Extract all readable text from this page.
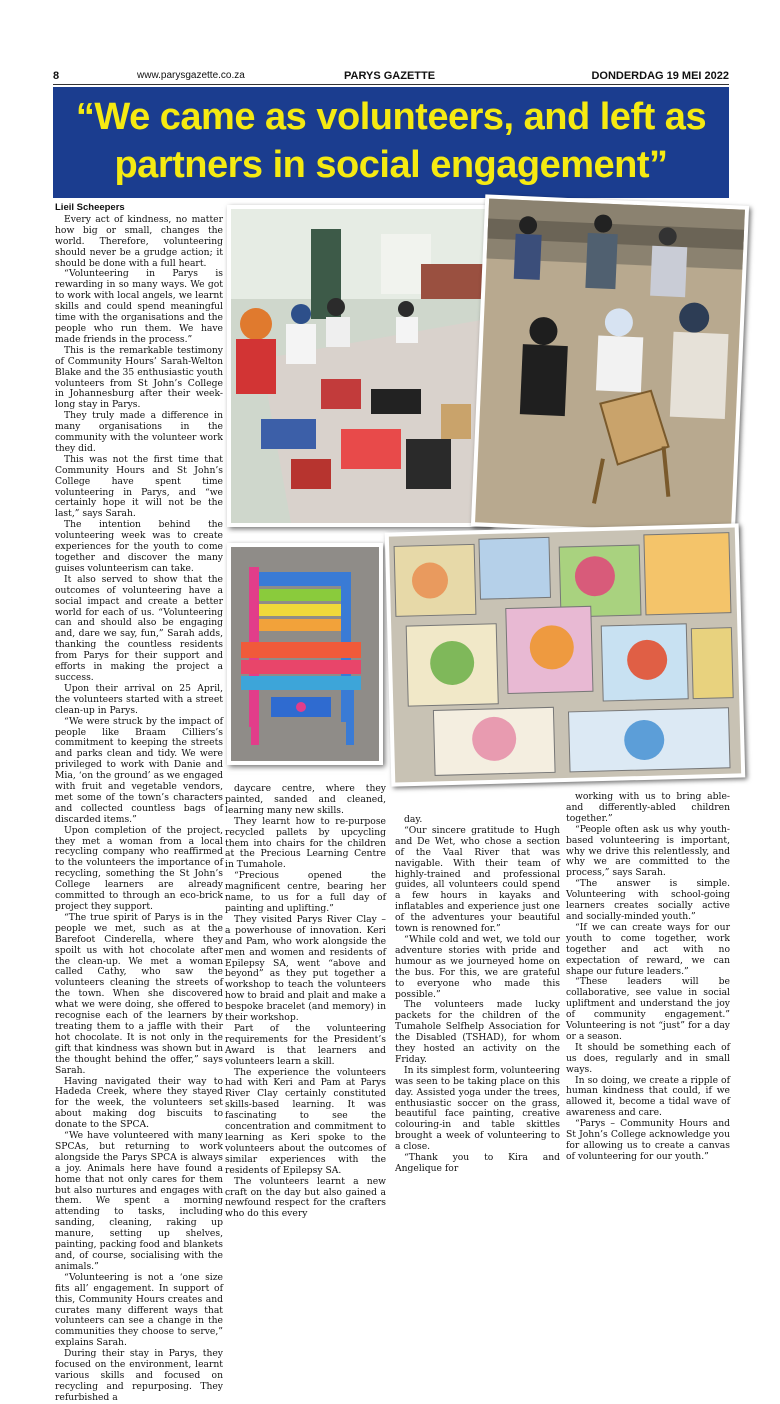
8	www.parysgazette.co.za	PARYS GAZETTE	DONDERDAG 19 MEI 2022
“We came as volunteers, and left as partners in social engagement”
Lieil Scheepers

Every act of kindness, no matter how big or small, changes the world. Therefore, volunteering should never be a grudge action; it should be done with a full heart.

“Volunteering in Parys is rewarding in so many ways. We got to work with local angels, we learnt skills and could spend meaningful time with the organisations and the people who run them. We have made friends in the process.”

This is the remarkable testimony of Community Hours’ Sarah-Welton Blake and the 35 enthusiastic youth volunteers from St John’s College in Johannesburg after their week-long stay in Parys.

They truly made a difference in many organisations in the community with the volunteer work they did.

This was not the first time that Community Hours and St John’s College have spent time volunteering in Parys, and “we certainly hope it will not be the last,” says Sarah.

The intention behind the volunteering week was to create experiences for the youth to come together and discover the many guises volunteerism can take.

It also served to show that the outcomes of volunteering have a social impact and create a better world for each of us. “Volunteering can and should also be engaging and, dare we say, fun,” Sarah adds, thanking the countless residents from Parys for their support and efforts in making the project a success.

Upon their arrival on 25 April, the volunteers started with a street clean-up in Parys.

“We were struck by the impact of people like Braam Cilliers’s commitment to keeping the streets and parks clean and tidy. We were privileged to work with Danie and Mia, ‘on the ground’ as we engaged with fruit and vegetable vendors, met some of the town’s characters and collected countless bags of discarded items.”

Upon completion of the project, they met a woman from a local recycling company who reaffirmed to the volunteers the importance of recycling, something the St John’s College learners are already committed to through an eco-brick project they support.

“The true spirit of Parys is in the people we met, such as at the Barefoot Cinderella, where they spoilt us with hot chocolate after the clean-up. We met a woman called Cathy, who saw the volunteers cleaning the streets of the town. When she discovered what we were doing, she offered to recognise each of the learners by treating them to a jaffle with their hot chocolate. It is not only in the gift that kindness was shown but in the thought behind the offer,” says Sarah.

Having navigated their way to Hadeda Creek, where they stayed for the week, the volunteers set about making dog biscuits to donate to the SPCA.

“We have volunteered with many SPCAs, but returning to work alongside the Parys SPCA is always a joy. Animals here have found a home that not only cares for them but also nurtures and engages with them. We spent a morning attending to tasks, including sanding, cleaning, raking up manure, setting up shelves, painting, packing food and blankets and, of course, socialising with the animals.”

“Volunteering is not a ‘one size fits all’ engagement. In support of this, Community Hours creates and curates many different ways that volunteers can see a change in the communities they choose to serve,” explains Sarah.

During their stay in Parys, they focused on the environment, learnt various skills and focused on recycling and repurposing. They refurbished a

daycare centre, where they painted, sanded and cleaned, learning many new skills.

They learnt how to re-purpose recycled pallets by upcycling them into chairs for the children at the Precious Learning Centre in Tumahole.

“Precious opened the magnificent centre, bearing her name, to us for a full day of painting and uplifting.”

They visited Parys River Clay – a powerhouse of innovation. Keri and Pam, who work alongside the men and women and residents of Epilepsy SA, went “above and beyond” as they put together a workshop to teach the volunteers how to braid and plait and make a bespoke bracelet (and memory) in their workshop.

Part of the volunteering requirements for the President’s Award is that learners and volunteers learn a skill.

The experience the volunteers had with Keri and Pam at Parys River Clay certainly constituted skills-based learning. It was fascinating to see the concentration and commitment to learning as Keri spoke to the volunteers about the outcomes of similar experiences with the residents of Epilepsy SA.

The volunteers learnt a new craft on the day but also gained a newfound respect for the crafters who do this every

day.

“Our sincere gratitude to Hugh and De Wet, who chose a section of the Vaal River that was navigable. With their team of highly-trained and professional guides, all volunteers could spend a few hours in kayaks and inflatables and experience just one of the adventures your beautiful town is renowned for.”

“While cold and wet, we told our adventure stories with pride and humour as we journeyed home on the bus. For this, we are grateful to everyone who made this possible.”

The volunteers made lucky packets for the children of the Tumahole Selfhelp Association for the Disabled (TSHAD), for whom they hosted an activity on the Friday.

In its simplest form, volunteering was seen to be taking place on this day. Assisted yoga under the trees, enthusiastic soccer on the grass, beautiful face painting, creative colouring-in and table skittles brought a week of volunteering to a close.

“Thank you to Kira and Angelique for

working with us to bring able- and differently-abled children together.”

“People often ask us why youth-based volunteering is important, why we drive this relentlessly, and why we are committed to the process,” says Sarah.

“The answer is simple. Volunteering with school-going learners creates socially active and socially-minded youth.”

“If we can create ways for our youth to come together, work together and act with no expectation of reward, we can shape our future leaders.”

“These leaders will be collaborative, see value in social upliftment and understand the joy of community engagement.” Volunteering is not “just” for a day or a season.

It should be something each of us does, regularly and in small ways.

In so doing, we create a ripple of human kindness that could, if we allowed it, become a tidal wave of awareness and care.

“Parys – Community Hours and St John’s College acknowledge you for allowing us to create a canvas of volunteering for our youth.”
